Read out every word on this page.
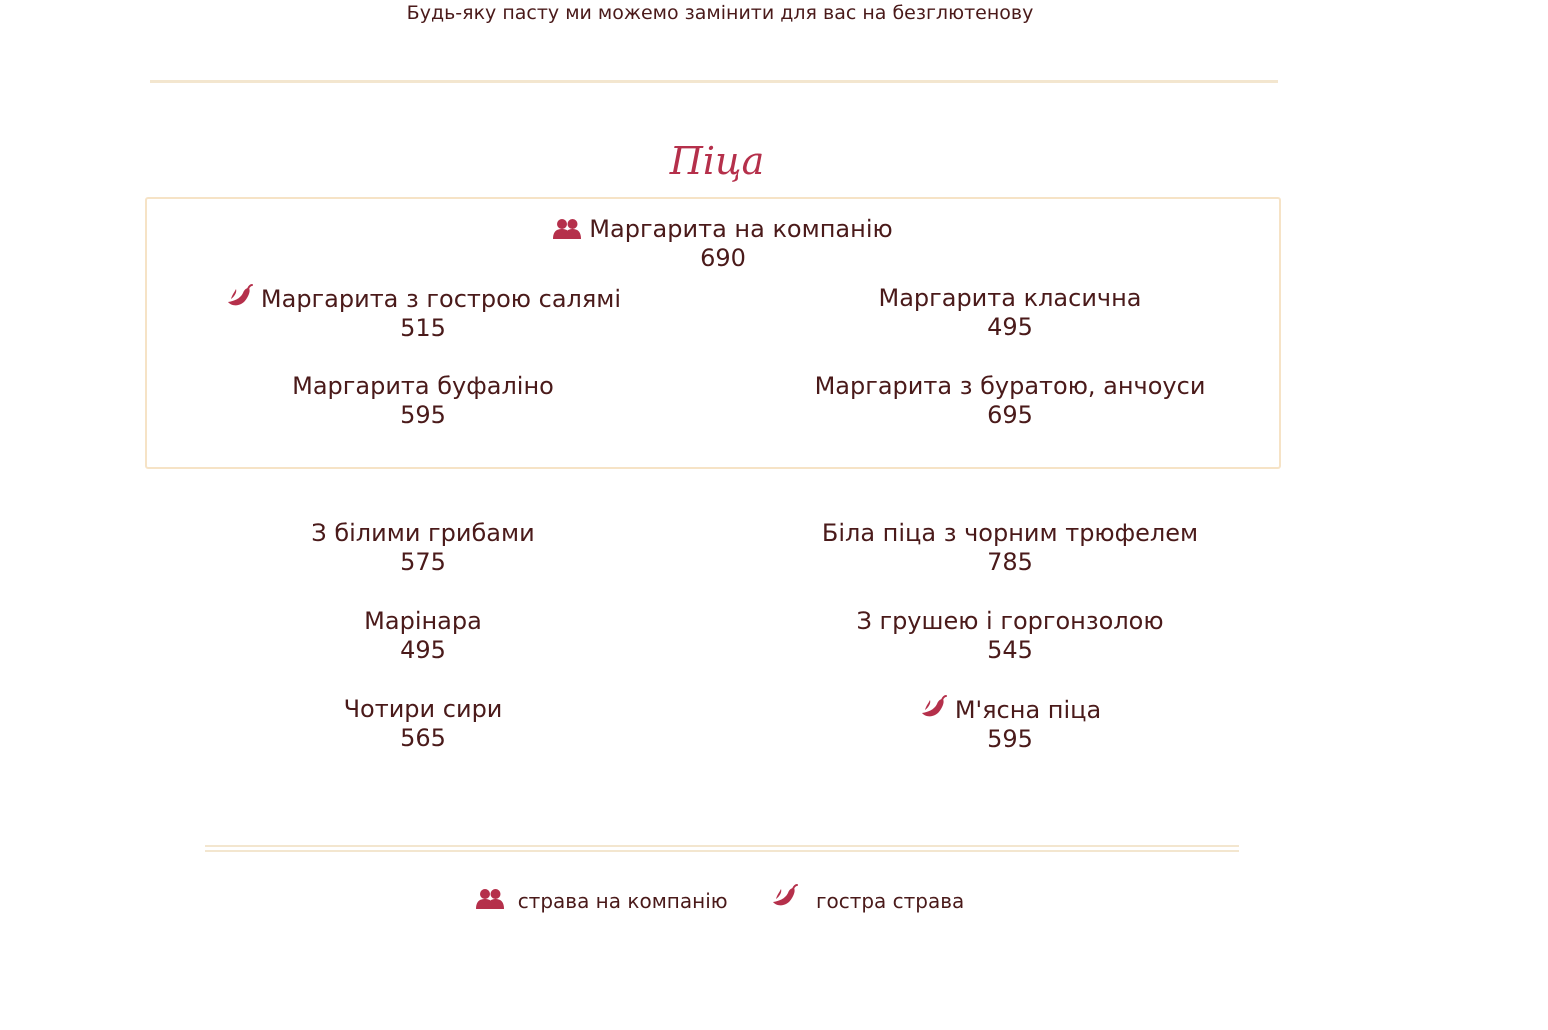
Будь-яку пасту ми можемо замінити для вас на безглютенову
Піца
Маргарита на компанію
690
Маргарита з гострою салямі
515
Маргарита класична
495
Маргарита буфаліно
595
Маргарита з буратою, анчоуси
695
З білими грибами
575
Біла піца з чорним трюфелем
785
Марінара
495
З грушею і горгонзолою
545
Чотири сири
565
М'ясна піца
595
страва на компанію	гостра страва
